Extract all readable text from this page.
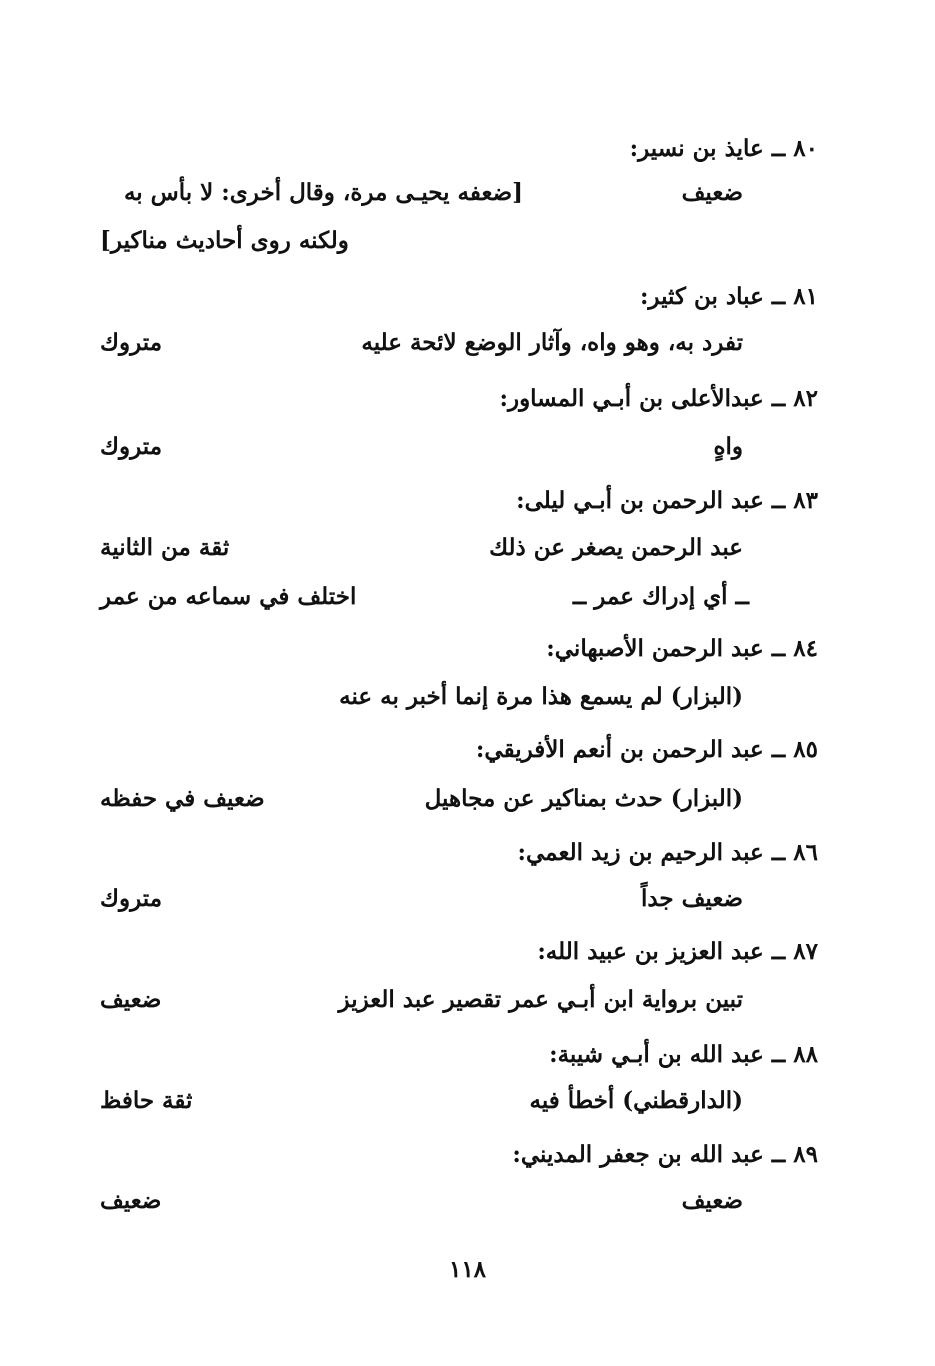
٨٠ ــ عايذ بن نسير:
ضعيف
[ضعفه يحيـى مرة، وقال أخرى: لا بأس به
ولكنه روى أحاديث مناكير]
٨١ ــ عباد بن كثير:
تفرد به، وهو واه، وآثار الوضع لائحة عليه
متروك
٨٢ ــ عبدالأعلى بن أبـي المساور:
واهٍ
متروك
٨٣ ــ عبد الرحمن بن أبـي ليلى:
عبد الرحمن يصغر عن ذلك
ثقة من الثانية
ــ أي إدراك عمر ــ
اختلف في سماعه من عمر
٨٤ ــ عبد الرحمن الأصبهاني:
(البزار) لم يسمع هذا مرة إنما أخبر به عنه
٨٥ ــ عبد الرحمن بن أنعم الأفريقي:
(البزار) حدث بمناكير عن مجاهيل
ضعيف في حفظه
٨٦ ــ عبد الرحيم بن زيد العمي:
ضعيف جداً
متروك
٨٧ ــ عبد العزيز بن عبيد الله:
تبين برواية ابن أبـي عمر تقصير عبد العزيز
ضعيف
٨٨ ــ عبد الله بن أبـي شيبة:
(الدارقطني) أخطأ فيه
ثقة حافظ
٨٩ ــ عبد الله بن جعفر المديني:
ضعيف
ضعيف
١١٨
